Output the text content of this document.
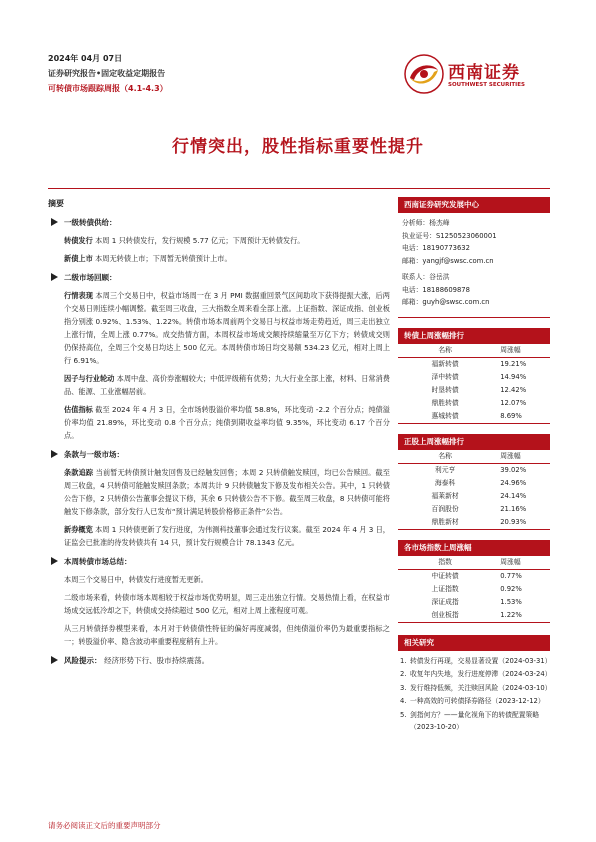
2024年 04月 07日
证券研究报告•固定收益定期报告
可转债市场跟踪周报（4.1-4.3）
西南证券
SOUTHWEST SECURITIES
行情突出，股性指标重要性提升
摘要
一级转债供给：
转债发行 本周 1 只转债发行，发行规模 5.77 亿元；下周预计无转债发行。
新债上市 本周无转债上市；下周暂无转债预计上市。
二级市场回顾：
行情表现 本周三个交易日中，权益市场周一在 3 月 PMI 数据重回景气区间助攻下获得提振大涨，后两个交易日则连续小幅调整。截至周三收盘，三大指数全周来看全部上涨。上证指数、深证成指、创业板指分别涨 0.92%、1.53%、1.22%。转债市场本周前两个交易日与权益市场走势趋近，周三走出独立上涨行情，全周上涨 0.77%。成交热情方面，本周权益市场成交额持续缩量至万亿下方；转债成交则仍保持高位，全周三个交易日均达上 500 亿元。本周转债市场日均交易额 534.23 亿元，相对上周上行 6.91%。
因子与行业轮动 本周中盘、高价券涨幅较大；中低评级稍有优势；九大行业全部上涨，材料、日常消费品、能源、工业涨幅居前。
估值指标 截至 2024 年 4 月 3 日，全市场转股溢价率均值 58.8%，环比变动 -2.2 个百分点；纯债溢价率均值 21.89%，环比变动 0.8 个百分点；纯债到期收益率均值 9.35%，环比变动 6.17 个百分点。
条款与一级市场：
条款追踪 当前暂无转债预计触发回售及已经触发回售；本周 2 只转债触发赎回，均已公告赎回。截至周三收盘，4 只转债可能触发赎回条款；本周共计 9 只转债触发下修及发布相关公告。其中，1 只转债公告下修，2 只转债公告董事会提议下修，其余 6 只转债公告不下修。截至周三收盘，8 只转债可能将触发下修条款，部分发行人已发布“预计满足转股价格修正条件”公告。
新券概览 本周 1 只转债更新了发行进度，为伟测科技董事会通过发行议案。截至 2024 年 4 月 3 日，证监会已批准的待发转债共有 14 只，预计发行规模合计 78.1343 亿元。
本周转债市场总结：
本周三个交易日中，转债发行进度暂无更新。
二级市场来看，转债市场本周相较于权益市场优势明显，周三走出独立行情。交易热情上看，在权益市场成交远低冷却之下，转债成交持续超过 500 亿元，相对上周上涨程度可观。
从三月转债择券模型来看，本月对于转债债性特征的偏好再度减弱，但纯债溢价率仍为最重要指标之一；转股溢价率、隐含波动率重要程度稍有上升。
风险提示： 经济形势下行、股市持续震荡。
西南证券研究发展中心
分析师：杨杰峰
执业证号：S1250523060001
电话：18190773632
邮箱：yangjf@swsc.com.cn
联系人：谷岳洪
电话：18188609878
邮箱：guyh@swsc.com.cn
转债上周涨幅排行
名称	周涨幅
福新转债	19.21%
泽中转债	14.94%
时垦转债	12.42%
鼎胜转债	12.07%
惠城转债	8.69%
正股上周涨幅排行
名称	周涨幅
利元亨	39.02%
海泰科	24.96%
福莱新材	24.14%
百润股份	21.16%
鼎胜新材	20.93%
各市场指数上周涨幅
指数	周涨幅
中证转债	0.77%
上证指数	0.92%
深证成指	1.53%
创业板指	1.22%
相关研究
1. 转债发行再现，交易显著设置（2024-03-31）
2. 收复年内失地，发行进度停滞（2024-03-24）
3. 发行维持低频，关注赎回风险（2024-03-10）
4. 一种高效的可转债择券路径（2023-12-12）
5. 剑指何方？——量化视角下的转债配置策略（2023-10-20）
请务必阅读正文后的重要声明部分
